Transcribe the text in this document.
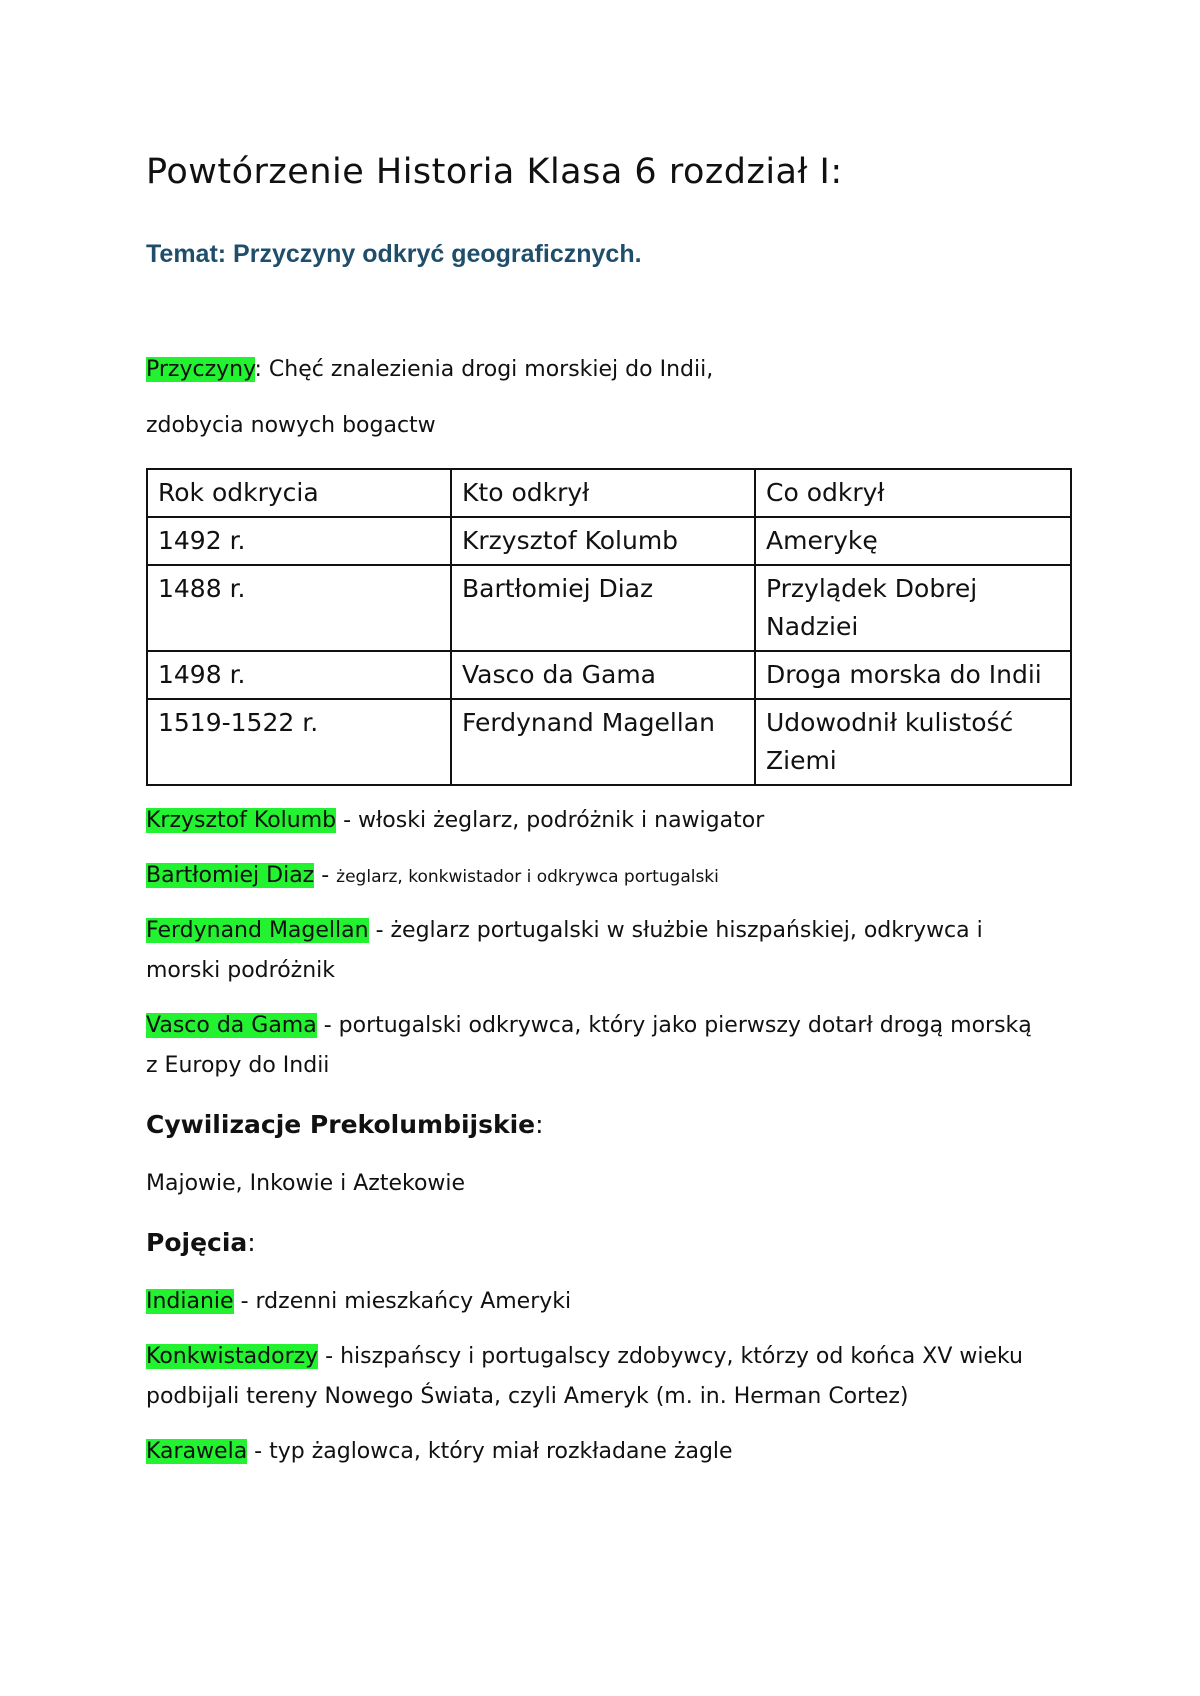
Powtórzenie Historia Klasa 6 rozdział I:
Temat: Przyczyny odkryć geograficznych.
Przyczyny: Chęć znalezienia drogi morskiej do Indii,
zdobycia nowych bogactw
Rok odkrycia	Kto odkrył	Co odkrył
1492 r.	Krzysztof Kolumb	Amerykę
1488 r.	Bartłomiej Diaz	Przylądek Dobrej Nadziei
1498 r.	Vasco da Gama	Droga morska do Indii
1519-1522 r.	Ferdynand Magellan	Udowodnił kulistość Ziemi
Krzysztof Kolumb - włoski żeglarz, podróżnik i nawigator
Bartłomiej Diaz - żeglarz, konkwistador i odkrywca portugalski
Ferdynand Magellan - żeglarz portugalski w służbie hiszpańskiej, odkrywca i
morski podróżnik
Vasco da Gama - portugalski odkrywca, który jako pierwszy dotarł drogą morską
z Europy do Indii
Cywilizacje Prekolumbijskie:
Majowie, Inkowie i Aztekowie
Pojęcia:
Indianie - rdzenni mieszkańcy Ameryki
Konkwistadorzy - hiszpańscy i portugalscy zdobywcy, którzy od końca XV wieku
podbijali tereny Nowego Świata, czyli Ameryk (m. in. Herman Cortez)
Karawela - typ żaglowca, który miał rozkładane żagle
